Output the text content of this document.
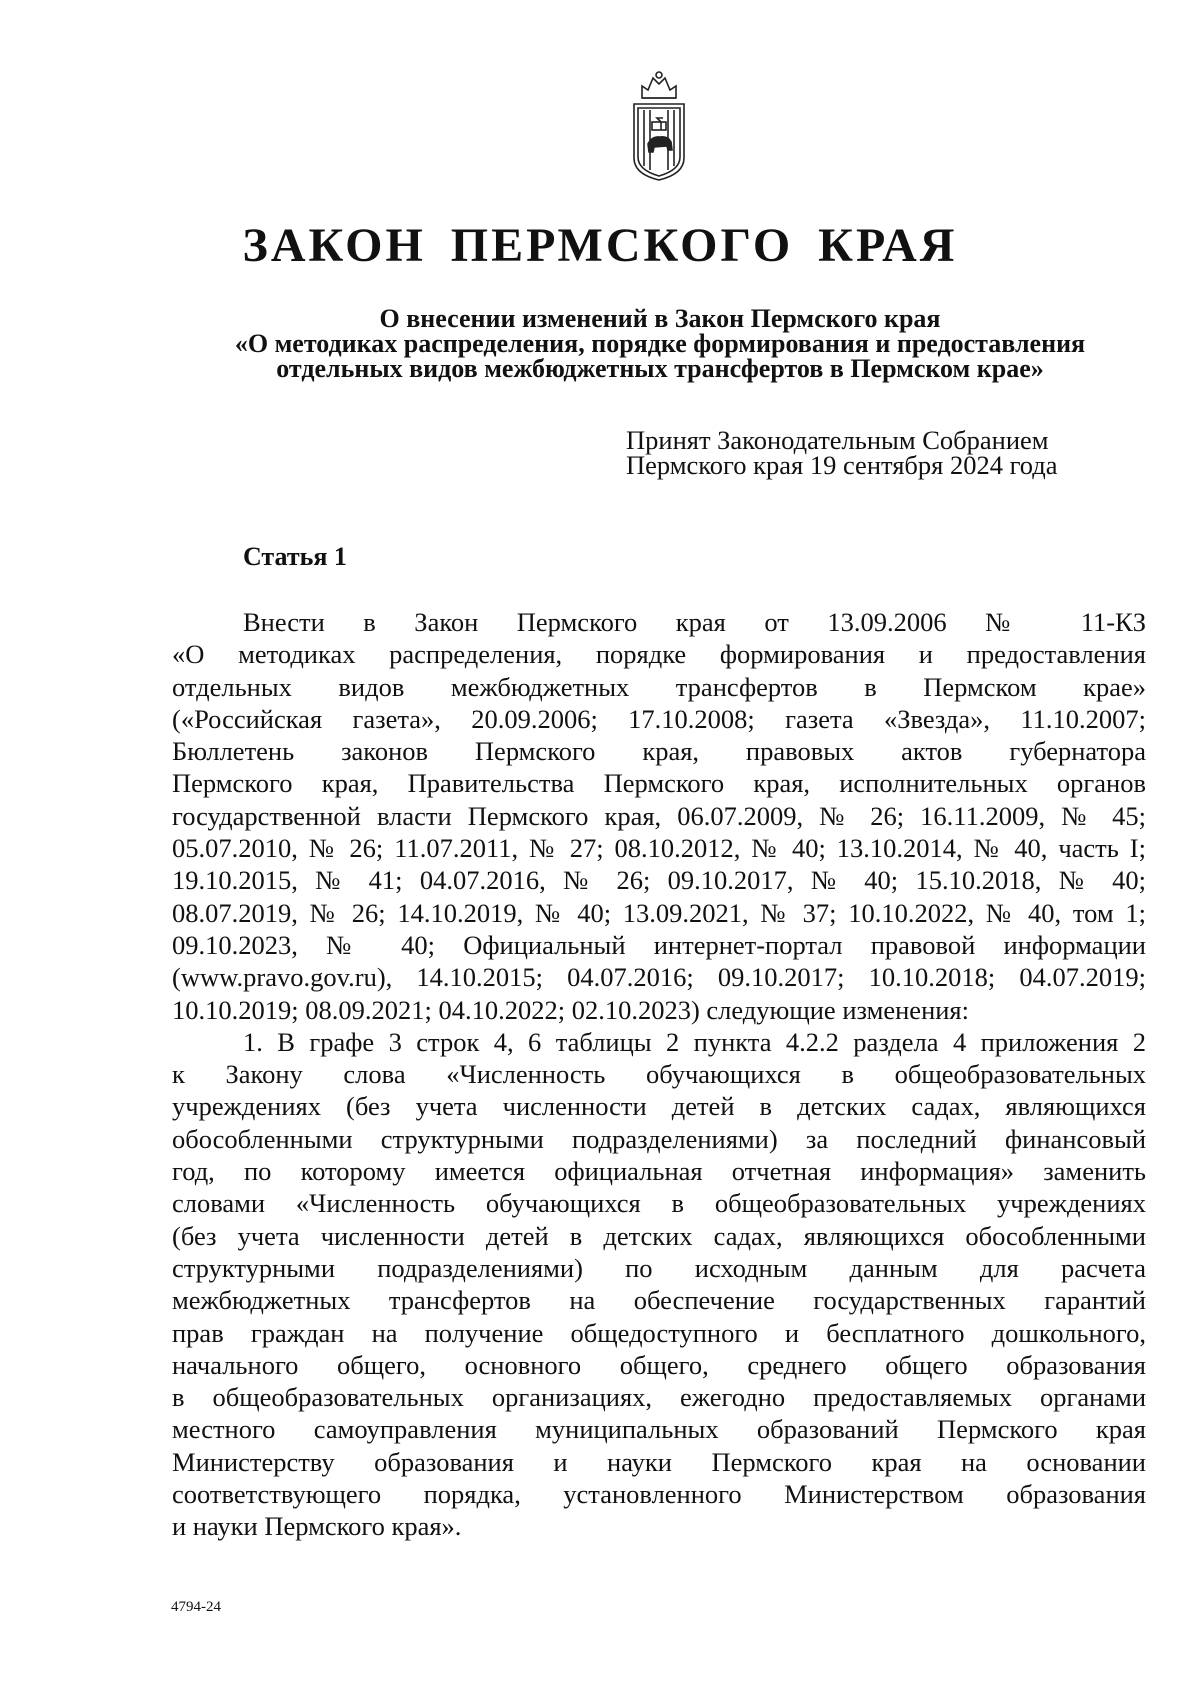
ЗАКОН ПЕРМСКОГО КРАЯ
О внесении изменений в Закон Пермского края
«О методиках распределения, порядке формирования и предоставления
отдельных видов межбюджетных трансфертов в Пермском крае»
Принят Законодательным Собранием
Пермского края 19 сентября 2024 года
Статья 1
Внести в Закон Пермского края от 13.09.2006 № 11-КЗ
«О методиках распределения, порядке формирования и предоставления
отдельных видов межбюджетных трансфертов в Пермском крае»
(«Российская газета», 20.09.2006; 17.10.2008; газета «Звезда», 11.10.2007;
Бюллетень законов Пермского края, правовых актов губернатора
Пермского края, Правительства Пермского края, исполнительных органов
государственной власти Пермского края, 06.07.2009, № 26; 16.11.2009, № 45;
05.07.2010, № 26; 11.07.2011, № 27; 08.10.2012, № 40; 13.10.2014, № 40, часть I;
19.10.2015, № 41; 04.07.2016, № 26; 09.10.2017, № 40; 15.10.2018, № 40;
08.07.2019, № 26; 14.10.2019, № 40; 13.09.2021, № 37; 10.10.2022, № 40, том 1;
09.10.2023, № 40; Официальный интернет-портал правовой информации
(www.pravo.gov.ru), 14.10.2015; 04.07.2016; 09.10.2017; 10.10.2018; 04.07.2019;
10.10.2019; 08.09.2021; 04.10.2022; 02.10.2023) следующие изменения:
1. В графе 3 строк 4, 6 таблицы 2 пункта 4.2.2 раздела 4 приложения 2
к Закону слова «Численность обучающихся в общеобразовательных
учреждениях (без учета численности детей в детских садах, являющихся
обособленными структурными подразделениями) за последний финансовый
год, по которому имеется официальная отчетная информация» заменить
словами «Численность обучающихся в общеобразовательных учреждениях
(без учета численности детей в детских садах, являющихся обособленными
структурными подразделениями) по исходным данным для расчета
межбюджетных трансфертов на обеспечение государственных гарантий
прав граждан на получение общедоступного и бесплатного дошкольного,
начального общего, основного общего, среднего общего образования
в общеобразовательных организациях, ежегодно предоставляемых органами
местного самоуправления муниципальных образований Пермского края
Министерству образования и науки Пермского края на основании
соответствующего порядка, установленного Министерством образования
и науки Пермского края».
4794-24
